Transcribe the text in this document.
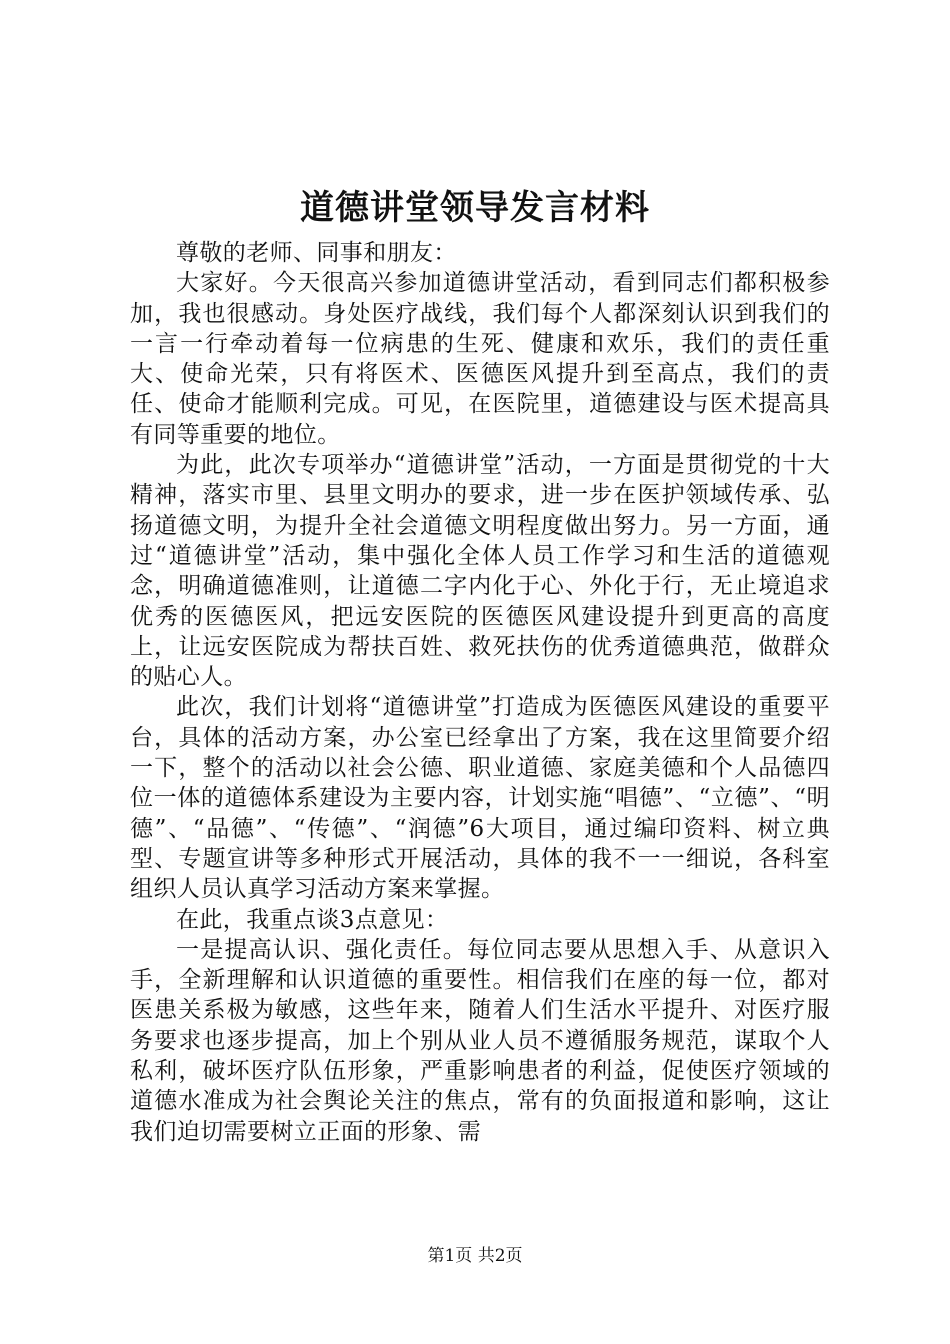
道德讲堂领导发言材料

尊敬的老师、同事和朋友：

大家好。今天很高兴参加道德讲堂活动，看到同志们都积极参加，我也很感动。身处医疗战线，我们每个人都深刻认识到我们的一言一行牵动着每一位病患的生死、健康和欢乐，我们的责任重大、使命光荣，只有将医术、医德医风提升到至高点，我们的责任、使命才能顺利完成。可见，在医院里，道德建设与医术提高具有同等重要的地位。

为此，此次专项举办“道德讲堂”活动，一方面是贯彻党的十大精神，落实市里、县里文明办的要求，进一步在医护领域传承、弘扬道德文明，为提升全社会道德文明程度做出努力。另一方面，通过“道德讲堂”活动，集中强化全体人员工作学习和生活的道德观念，明确道德准则，让道德二字内化于心、外化于行，无止境追求优秀的医德医风，把远安医院的医德医风建设提升到更高的高度上，让远安医院成为帮扶百姓、救死扶伤的优秀道德典范，做群众的贴心人。

此次，我们计划将“道德讲堂”打造成为医德医风建设的重要平台，具体的活动方案，办公室已经拿出了方案，我在这里简要介绍一下，整个的活动以社会公德、职业道德、家庭美德和个人品德四位一体的道德体系建设为主要内容，计划实施“唱德”、“立德”、“明德”、“品德”、“传德”、“润德”6大项目，通过编印资料、树立典型、专题宣讲等多种形式开展活动，具体的我不一一细说，各科室组织人员认真学习活动方案来掌握。

在此，我重点谈3点意见：

一是提高认识、强化责任。每位同志要从思想入手、从意识入手，全新理解和认识道德的重要性。相信我们在座的每一位，都对医患关系极为敏感，这些年来，随着人们生活水平提升、对医疗服务要求也逐步提高，加上个别从业人员不遵循服务规范，谋取个人私利，破坏医疗队伍形象，严重影响患者的利益，促使医疗领域的道德水准成为社会舆论关注的焦点，常有的负面报道和影响，这让我们迫切需要树立正面的形象、需

第1页 共2页
